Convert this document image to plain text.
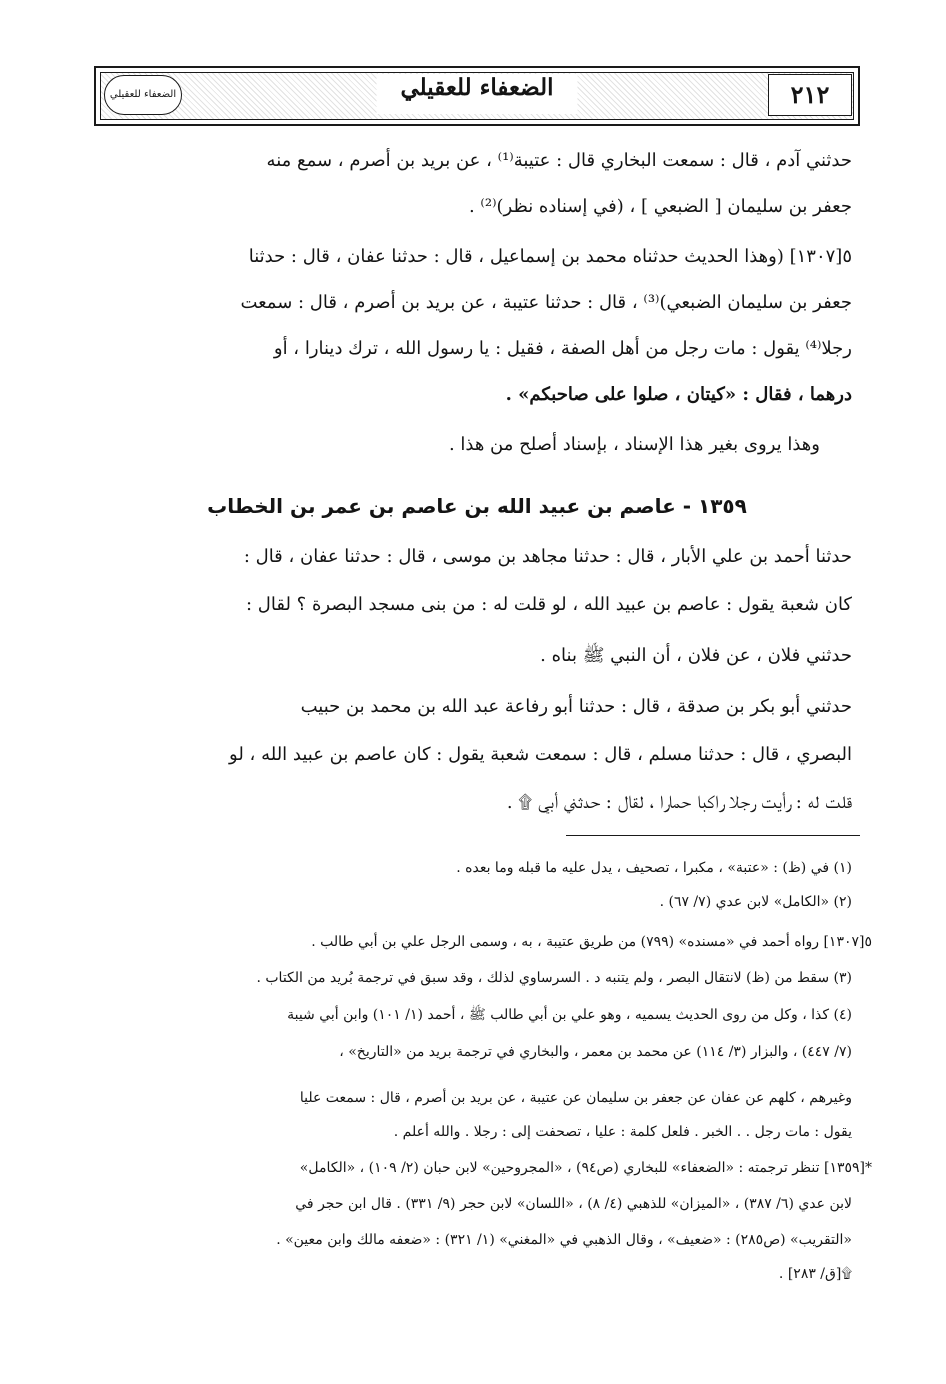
٢١٢
الضعفاء للعقيلي
الضعفاء للعقيلي
حدثني آدم ، قال : سمعت البخاري قال : عتيبة⁽¹⁾ ، عن بريد بن أصرم ، سمع منه
جعفر بن سليمان [ الضبعي ] ، (في إسناده نظر)⁽²⁾ .
٥[١٣٠٧] (وهذا الحديث حدثناه محمد بن إسماعيل ، قال : حدثنا عفان ، قال : حدثنا
جعفر بن سليمان الضبعي)⁽³⁾ ، قال : حدثنا عتيبة ، عن بريد بن أصرم ، قال : سمعت
رجلا⁽⁴⁾ يقول : مات رجل من أهل الصفة ، فقيل : يا رسول الله ، ترك دينارا ، أو
درهما ، فقال : «كيتان ، صلوا على صاحبكم» .
وهذا يروى بغير هذا الإسناد ، بإسناد أصلح من هذا .
١٣٥٩ - عاصم بن عبيد الله بن عاصم بن عمر بن الخطاب
حدثنا أحمد بن علي الأبار ، قال : حدثنا مجاهد بن موسى ، قال : حدثنا عفان ، قال :
كان شعبة يقول : عاصم بن عبيد الله ، لو قلت له : من بنى مسجد البصرة ؟ لقال :
حدثني فلان ، عن فلان ، أن النبي ﷺ بناه .
حدثني أبو بكر بن صدقة ، قال : حدثنا أبو رفاعة عبد الله بن محمد بن حبيب
البصري ، قال : حدثنا مسلم ، قال : سمعت شعبة يقول : كان عاصم بن عبيد الله ، لو
قلت له : رأيت رجلا راكبا حمارا ، لقال : حدثني أبي ۩ .
(١) في (ظ) : «عتبة» ، مكبرا ، تصحيف ، يدل عليه ما قبله وما بعده .
(٢) «الكامل» لابن عدي (٧/ ٦٧) .
٥[١٣٠٧] رواه أحمد في «مسنده» (٧٩٩) من طريق عتيبة ، به ، وسمى الرجل علي بن أبي طالب .
(٣) سقط من (ظ) لانتقال البصر ، ولم يتنبه د . السرساوي لذلك ، وقد سبق في ترجمة بُريد من الكتاب .
(٤) كذا ، وكل من روى الحديث يسميه ، وهو علي بن أبي طالب ﷺ ، أحمد (١/ ١٠١) وابن أبي شيبة
(٧/ ٤٤٧) ، والبزار (٣/ ١١٤) عن محمد بن معمر ، والبخاري في ترجمة بريد من «التاريخ» ،
وغيرهم ، كلهم عن عفان عن جعفر بن سليمان عن عتيبة ، عن بريد بن أصرم ، قال : سمعت عليا
يقول : مات رجل . . الخبر . فلعل كلمة : عليا ، تصحفت إلى : رجلا . والله أعلم .
*[١٣٥٩] تنظر ترجمته : «الضعفاء» للبخاري (ص٩٤) ، «المجروحين» لابن حبان (٢/ ١٠٩) ، «الكامل»
لابن عدي (٦/ ٣٨٧) ، «الميزان» للذهبي (٤/ ٨) ، «اللسان» لابن حجر (٩/ ٣٣١) . قال ابن حجر في
«التقريب» (ص٢٨٥) : «ضعيف» ، وقال الذهبي في «المغني» (١/ ٣٢١) : «ضعفه مالك وابن معين» .
۩[ق/ ٢٨٣] .
